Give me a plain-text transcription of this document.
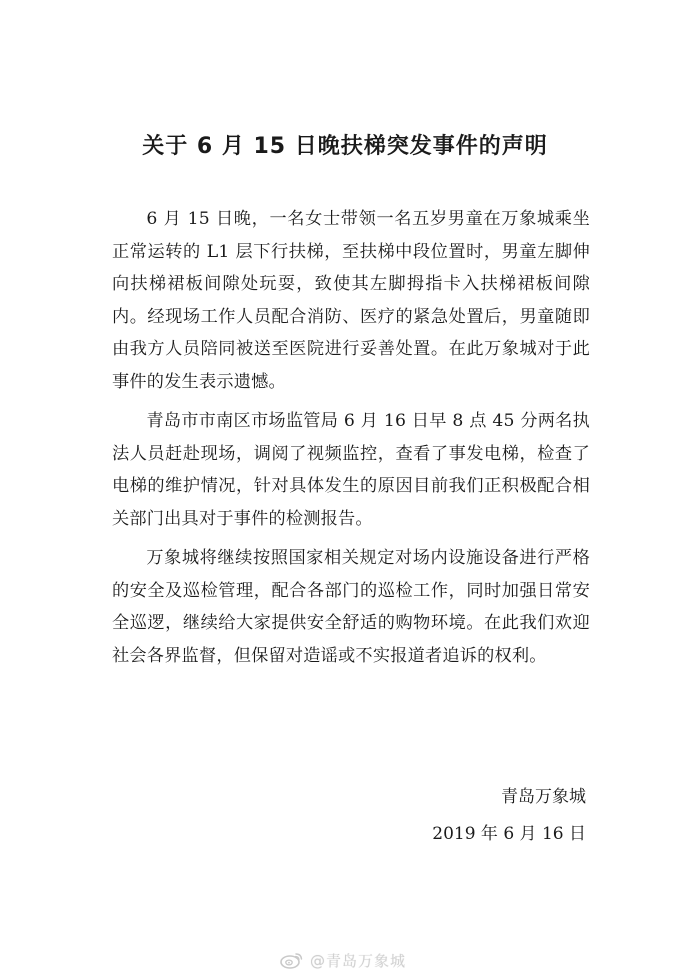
关于 6 月 15 日晚扶梯突发事件的声明

6 月 15 日晚，一名女士带领一名五岁男童在万象城乘坐正常运转的 L1 层下行扶梯，至扶梯中段位置时，男童左脚伸向扶梯裙板间隙处玩耍，致使其左脚拇指卡入扶梯裙板间隙内。经现场工作人员配合消防、医疗的紧急处置后，男童随即由我方人员陪同被送至医院进行妥善处置。在此万象城对于此事件的发生表示遗憾。

青岛市市南区市场监管局 6 月 16 日早 8 点 45 分两名执法人员赶赴现场，调阅了视频监控，查看了事发电梯，检查了电梯的维护情况，针对具体发生的原因目前我们正积极配合相关部门出具对于事件的检测报告。

万象城将继续按照国家相关规定对场内设施设备进行严格的安全及巡检管理，配合各部门的巡检工作，同时加强日常安全巡逻，继续给大家提供安全舒适的购物环境。在此我们欢迎社会各界监督，但保留对造谣或不实报道者追诉的权利。

青岛万象城

2019 年 6 月 16 日

@青岛万象城
